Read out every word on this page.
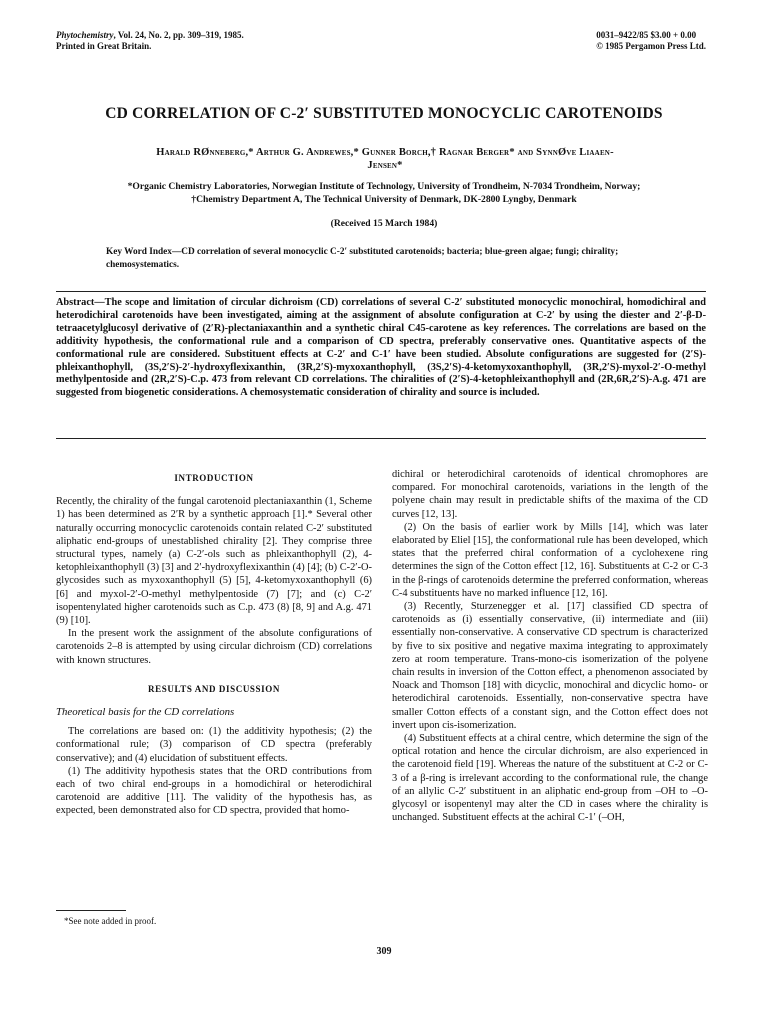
Phytochemistry, Vol. 24, No. 2, pp. 309–319, 1985.
Printed in Great Britain.
0031–9422/85 $3.00 + 0.00
© 1985 Pergamon Press Ltd.
CD CORRELATION OF C-2′ SUBSTITUTED MONOCYCLIC CAROTENOIDS
Harald RØnneberg,* Arthur G. Andrewes,* Gunner Borch,† Ragnar Berger* and SynnØve Liaaen-
Jensen*
*Organic Chemistry Laboratories, Norwegian Institute of Technology, University of Trondheim, N-7034 Trondheim, Norway;
†Chemistry Department A, The Technical University of Denmark, DK-2800 Lyngby, Denmark
(Received 15 March 1984)
Key Word Index—CD correlation of several monocyclic C-2′ substituted carotenoids; bacteria; blue-green algae; fungi; chirality; chemosystematics.
Abstract—The scope and limitation of circular dichroism (CD) correlations of several C-2′ substituted monocyclic monochiral, homodichiral and heterodichiral carotenoids have been investigated, aiming at the assignment of absolute configuration at C-2′ by using the diester and 2′-β-D-tetraacetylglucosyl derivative of (2′R)-plectaniaxanthin and a synthetic chiral C45-carotene as key references. The correlations are based on the additivity hypothesis, the conformational rule and a comparison of CD spectra, preferably conservative ones. Quantitative aspects of the conformational rule are considered. Substituent effects at C-2′ and C-1′ have been studied. Absolute configurations are suggested for (2′S)-phleixanthophyll, (3S,2′S)-2′-hydroxyflexixanthin, (3R,2′S)-myxoxanthophyll, (3S,2′S)-4-ketomyxoxanthophyll, (3R,2′S)-myxol-2′-O-methyl methylpentoside and (2R,2′S)-C.p. 473 from relevant CD correlations. The chiralities of (2′S)-4-ketophleixanthophyll and (2R,6R,2′S)-A.g. 471 are suggested from biogenetic considerations. A chemosystematic consideration of chirality and source is included.
INTRODUCTION

Recently, the chirality of the fungal carotenoid plectaniaxanthin (1, Scheme 1) has been determined as 2′R by a synthetic approach [1].* Several other naturally occurring monocyclic carotenoids contain related C-2′ substituted aliphatic end-groups of unestablished chirality [2]. They comprise three structural types, namely (a) C-2′-ols such as phleixanthophyll (2), 4-ketophleixanthophyll (3) [3] and 2′-hydroxyflexixanthin (4) [4]; (b) C-2′-O-glycosides such as myxoxanthophyll (5) [5], 4-ketomyxoxanthophyll (6) [6] and myxol-2′-O-methyl methylpentoside (7) [7]; and (c) C-2′ isopentenylated higher carotenoids such as C.p. 473 (8) [8, 9] and A.g. 471 (9) [10].

In the present work the assignment of the absolute configurations of carotenoids 2–8 is attempted by using circular dichroism (CD) correlations with known structures.

RESULTS AND DISCUSSION
Theoretical basis for the CD correlations

The correlations are based on: (1) the additivity hypothesis; (2) the conformational rule; (3) comparison of CD spectra (preferably conservative); and (4) elucidation of substituent effects.

(1) The additivity hypothesis states that the ORD contributions from each of two chiral end-groups in a homodichiral or heterodichiral carotenoid are additive [11]. The validity of the hypothesis has, as expected, been demonstrated also for CD spectra, provided that homo-

dichiral or heterodichiral carotenoids of identical chromophores are compared. For monochiral carotenoids, variations in the length of the polyene chain may result in predictable shifts of the maxima of the CD curves [12, 13].

(2) On the basis of earlier work by Mills [14], which was later elaborated by Eliel [15], the conformational rule has been developed, which states that the preferred chiral conformation of a cyclohexene ring determines the sign of the Cotton effect [12, 16]. Substituents at C-2 or C-3 in the β-rings of carotenoids determine the preferred conformation, whereas C-4 substituents have no marked influence [12, 16].

(3) Recently, Sturzenegger et al. [17] classified CD spectra of carotenoids as (i) essentially conservative, (ii) intermediate and (iii) essentially non-conservative. A conservative CD spectrum is characterized by five to six positive and negative maxima integrating to approximately zero at room temperature. Trans-mono-cis isomerization of the polyene chain results in inversion of the Cotton effect, a phenomenon associated by Noack and Thomson [18] with dicyclic, monochiral and dicyclic homo- or heterodichiral carotenoids. Essentially, non-conservative spectra have smaller Cotton effects of a constant sign, and the Cotton effect does not invert upon cis-isomerization.

(4) Substituent effects at a chiral centre, which determine the sign of the optical rotation and hence the circular dichroism, are also experienced in the carotenoid field [19]. Whereas the nature of the substituent at C-2 or C-3 of a β-ring is irrelevant according to the conformational rule, the change of an allylic C-2′ substituent in an aliphatic end-group from –OH to –O-glycosyl or isopentenyl may alter the CD in cases where the chirality is unchanged. Substituent effects at the achiral C-1′ (–OH,

*See note added in proof.
309
